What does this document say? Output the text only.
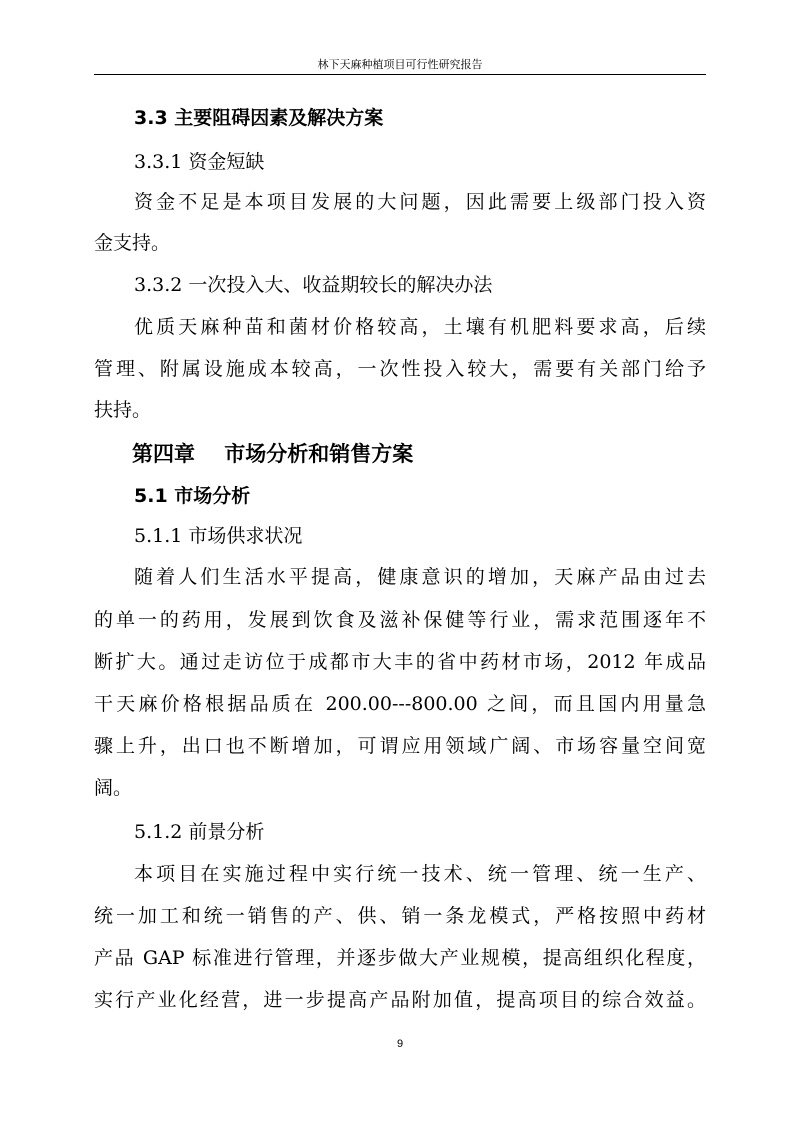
林下天麻种植项目可行性研究报告
3.3 主要阻碍因素及解决方案
3.3.1 资金短缺
资金不足是本项目发展的大问题，因此需要上级部门投入资
金支持。
3.3.2 一次投入大、收益期较长的解决办法
优质天麻种苗和菌材价格较高，土壤有机肥料要求高，后续
管理、附属设施成本较高，一次性投入较大，需要有关部门给予
扶持。
第四章    市场分析和销售方案
5.1 市场分析
5.1.1 市场供求状况
随着人们生活水平提高，健康意识的增加，天麻产品由过去
的单一的药用，发展到饮食及滋补保健等行业，需求范围逐年不
断扩大。通过走访位于成都市大丰的省中药材市场，2012 年成品
干天麻价格根据品质在 200.00---800.00 之间，而且国内用量急
骤上升，出口也不断增加，可谓应用领域广阔、市场容量空间宽
阔。
5.1.2 前景分析
本项目在实施过程中实行统一技术、统一管理、统一生产、
统一加工和统一销售的产、供、销一条龙模式，严格按照中药材
产品 GAP 标准进行管理，并逐步做大产业规模，提高组织化程度，
实行产业化经营，进一步提高产品附加值，提高项目的综合效益。
9
